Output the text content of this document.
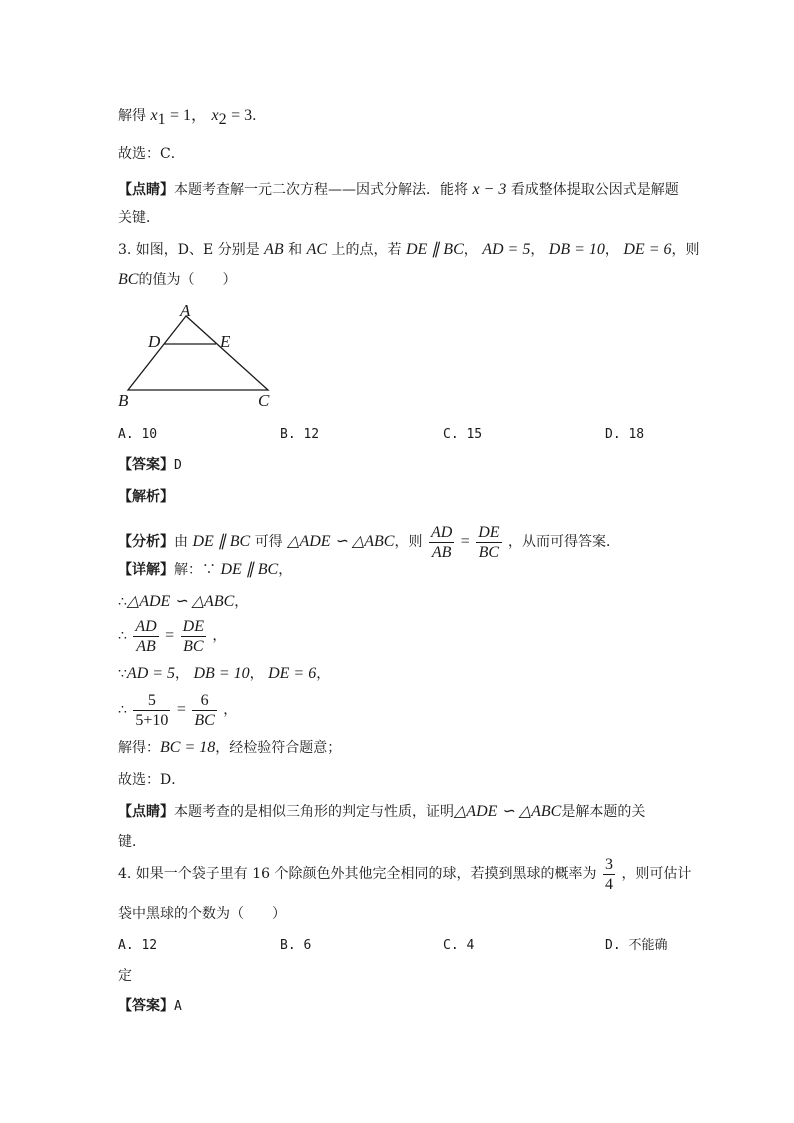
解得 $x_1 = 1$， $x_2 = 3$．
故选：C．
【点睛】本题考查解一元二次方程——因式分解法．能将 x − 3 看成整体提取公因式是解题
关键．
3. 如图，D、E 分别是 AB 和 AC 上的点，若 DE ∥ BC， AD = 5， DB = 10， DE = 6，则
BC的值为（　　）
A
D	E
B	C
A. 10	B. 12	C. 15	D. 18
【答案】D
【解析】
【分析】由 DE ∥ BC 可得 △ADE ∽ △ABC，则 $\frac{AD}{AB} = \frac{DE}{BC}$ ，从而可得答案．
【详解】解：∵ DE ∥ BC，
∴△ADE ∽ △ABC，
∴ $\frac{AD}{AB} = \frac{DE}{BC}$ ，
∵AD = 5， DB = 10， DE = 6，
∴ $\frac{5}{5+10} = \frac{6}{BC}$ ，
解得：BC = 18，经检验符合题意；
故选：D．
【点睛】本题考查的是相似三角形的判定与性质，证明△ADE ∽ △ABC是解本题的关
键．
4. 如果一个袋子里有 16 个除颜色外其他完全相同的球，若摸到黑球的概率为 $\frac{3}{4}$ ，则可估计
袋中黑球的个数为（　　）
A. 12	B. 6	C. 4	D. 不能确
定
【答案】A
